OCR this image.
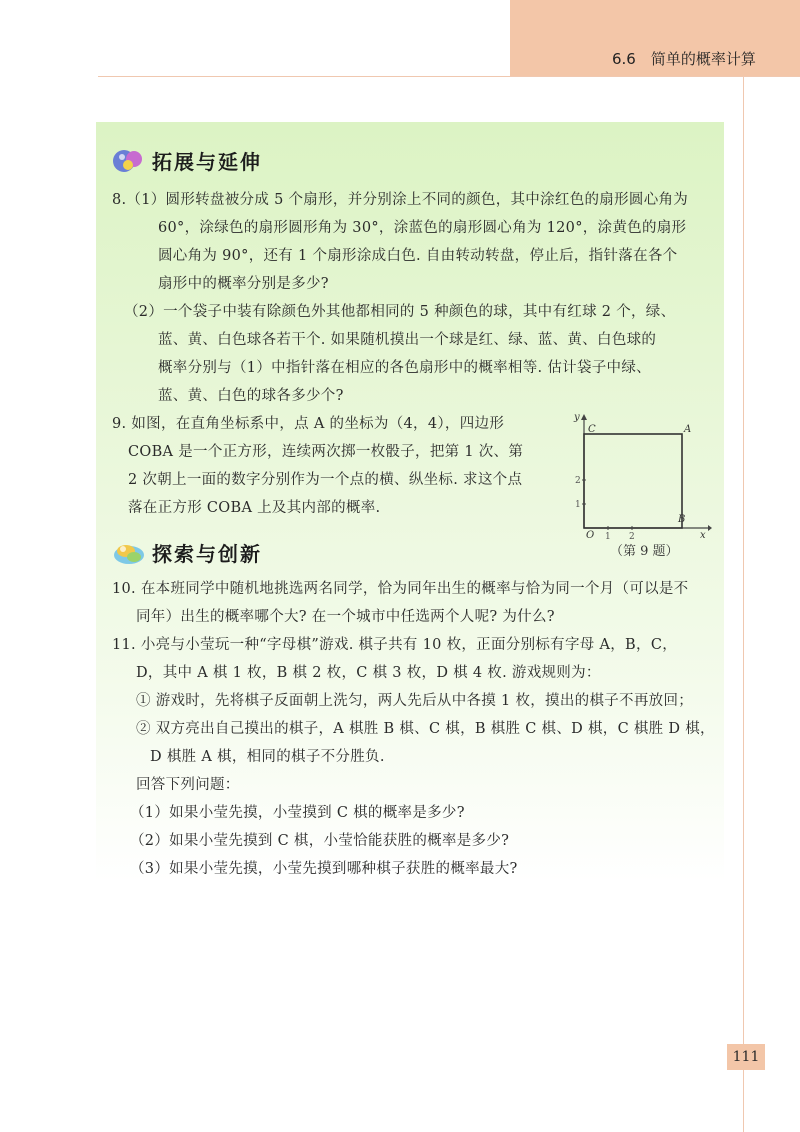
6.6　简单的概率计算
拓展与延伸
8.（1）圆形转盘被分成 5 个扇形，并分别涂上不同的颜色，其中涂红色的扇形圆心角为
60°，涂绿色的扇形圆形角为 30°，涂蓝色的扇形圆心角为 120°，涂黄色的扇形
圆心角为 90°，还有 1 个扇形涂成白色. 自由转动转盘，停止后，指针落在各个
扇形中的概率分别是多少?
（2）一个袋子中装有除颜色外其他都相同的 5 种颜色的球，其中有红球 2 个，绿、
蓝、黄、白色球各若干个. 如果随机摸出一个球是红、绿、蓝、黄、白色球的
概率分别与（1）中指针落在相应的各色扇形中的概率相等. 估计袋子中绿、
蓝、黄、白色的球各多少个?
9. 如图，在直角坐标系中，点 A 的坐标为（4，4），四边形
COBA 是一个正方形，连续两次掷一枚骰子，把第 1 次、第
2 次朝上一面的数字分别作为一个点的横、纵坐标. 求这个点
落在正方形 COBA 上及其内部的概率.
C	A
O
B
x
y
1 2
1
2
（第 9 题）
探索与创新
10. 在本班同学中随机地挑选两名同学，恰为同年出生的概率与恰为同一个月（可以是不
同年）出生的概率哪个大? 在一个城市中任选两个人呢? 为什么?
11. 小亮与小莹玩一种“字母棋”游戏. 棋子共有 10 枚，正面分别标有字母 A，B，C，
D，其中 A 棋 1 枚，B 棋 2 枚，C 棋 3 枚，D 棋 4 枚. 游戏规则为：
① 游戏时，先将棋子反面朝上洗匀，两人先后从中各摸 1 枚，摸出的棋子不再放回；
② 双方亮出自己摸出的棋子，A 棋胜 B 棋、C 棋，B 棋胜 C 棋、D 棋，C 棋胜 D 棋，
D 棋胜 A 棋，相同的棋子不分胜负.
回答下列问题：
（1）如果小莹先摸，小莹摸到 C 棋的概率是多少?
（2）如果小莹先摸到 C 棋，小莹恰能获胜的概率是多少?
（3）如果小莹先摸，小莹先摸到哪种棋子获胜的概率最大?
111
